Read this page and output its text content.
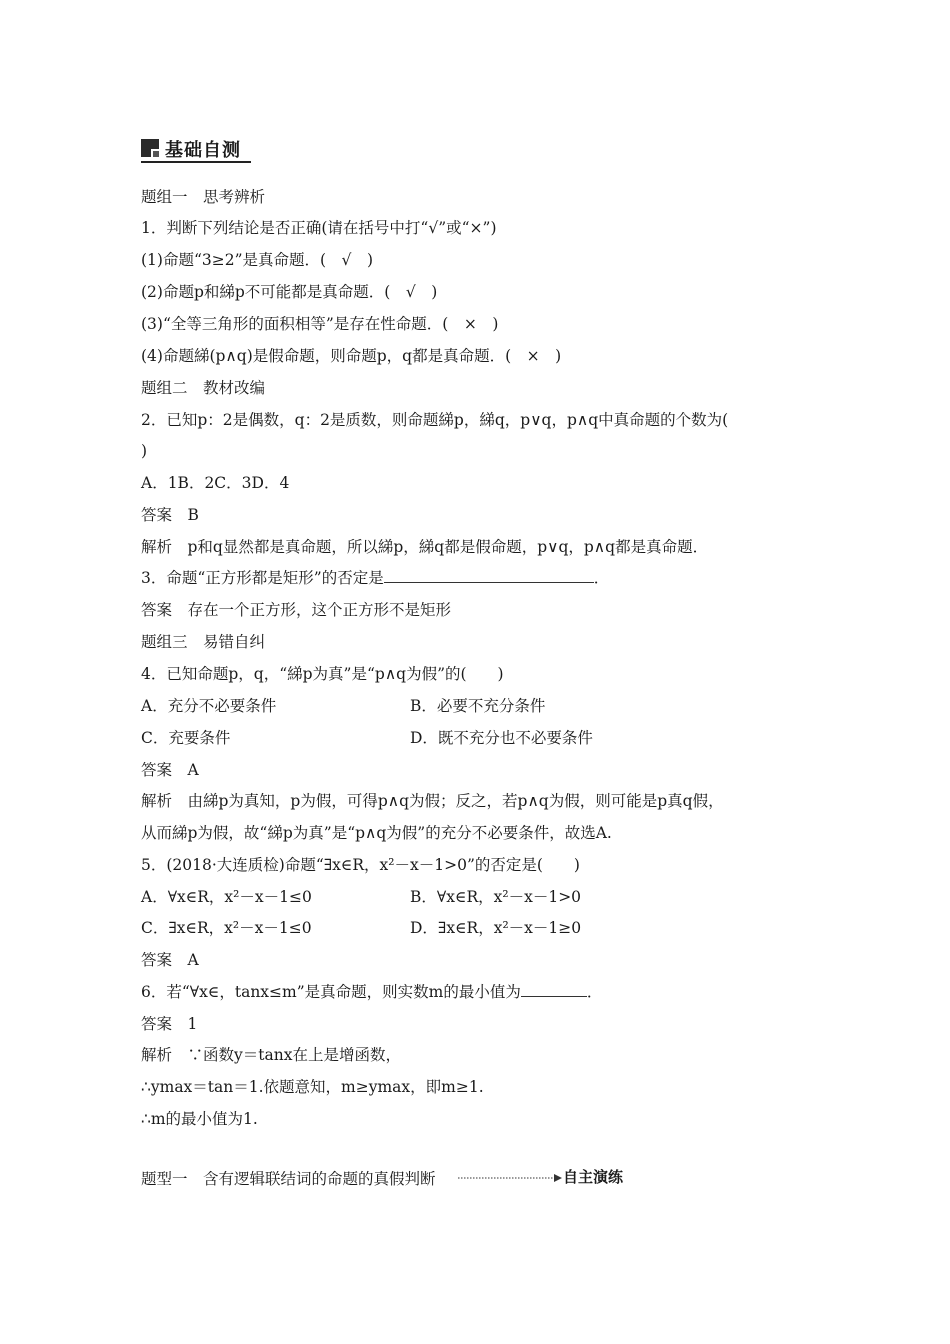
基础自测
题组一　思考辨析
1．判断下列结论是否正确(请在括号中打“√”或“×”)
(1)命题“3≥2”是真命题．(　√　)
(2)命题p和綈p不可能都是真命题．(　√　)
(3)“全等三角形的面积相等”是存在性命题．(　×　)
(4)命题綈(p∧q)是假命题，则命题p，q都是真命题．(　×　)
题组二　教材改编
2．已知p：2是偶数，q：2是质数，则命题綈p，綈q，p∨q，p∧q中真命题的个数为(
)
A．1B．2C．3D．4
答案　B
解析　p和q显然都是真命题，所以綈p，綈q都是假命题，p∨q，p∧q都是真命题．
3．命题“正方形都是矩形”的否定是	．
答案　存在一个正方形，这个正方形不是矩形
题组三　易错自纠
4．已知命题p，q，“綈p为真”是“p∧q为假”的(　　)
A．充分不必要条件	B．必要不充分条件
C．充要条件	D．既不充分也不必要条件
答案　A
解析　由綈p为真知，p为假，可得p∧q为假；反之，若p∧q为假，则可能是p真q假，
从而綈p为假，故“綈p为真”是“p∧q为假”的充分不必要条件，故选A.
5．(2018·大连质检)命题“∃x∈R，x²－x－1>0”的否定是(　　)
A．∀x∈R，x²－x－1≤0	B．∀x∈R，x²－x－1>0
C．∃x∈R，x²－x－1≤0	D．∃x∈R，x²－x－1≥0
答案　A
6．若“∀x∈，tanx≤m”是真命题，则实数m的最小值为	．
答案　1
解析　∵函数y＝tanx在上是增函数，
∴ymax＝tan＝1.依题意知，m≥ymax，即m≥1.
∴m的最小值为1.
题型一　含有逻辑联结词的命题的真假判断	自主演练
